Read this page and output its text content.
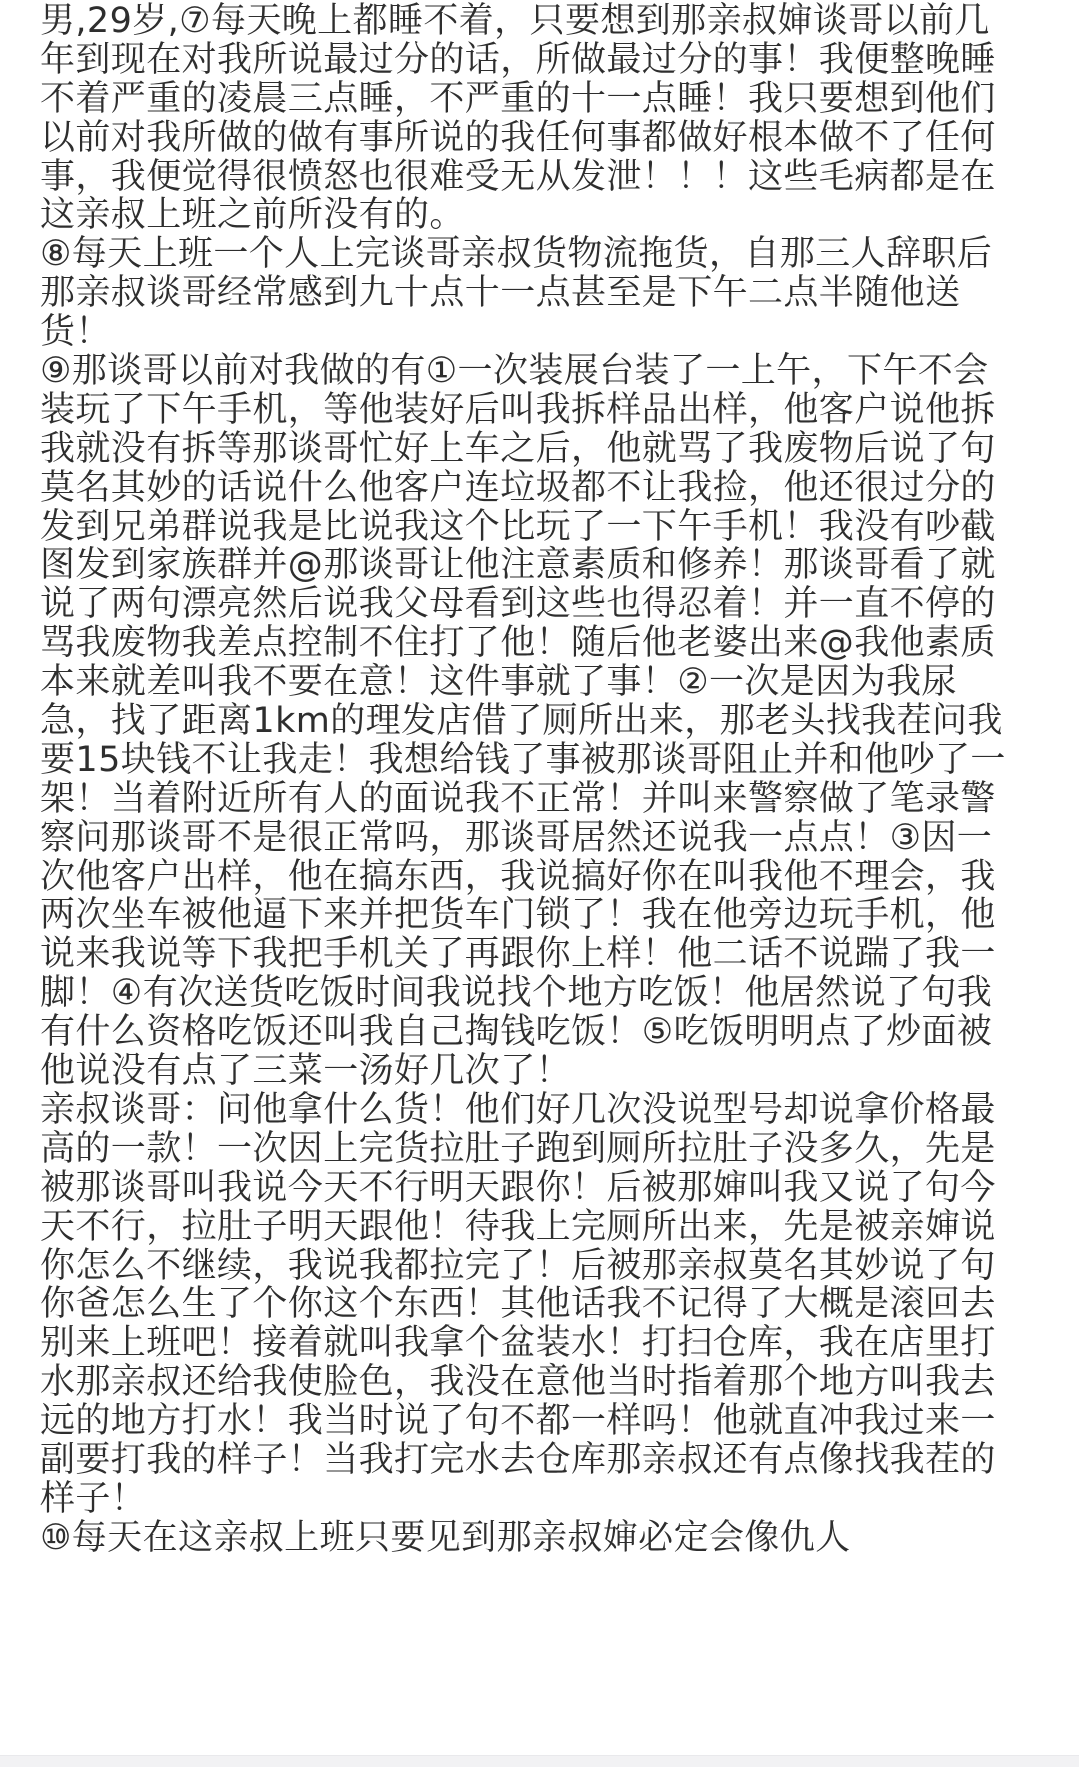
男,29岁,⑦每天晚上都睡不着，只要想到那亲叔婶谈哥以前几
年到现在对我所说最过分的话，所做最过分的事！我便整晚睡
不着严重的凌晨三点睡，不严重的十一点睡！我只要想到他们
以前对我所做的做有事所说的我任何事都做好根本做不了任何
事，我便觉得很愤怒也很难受无从发泄！！！这些毛病都是在
这亲叔上班之前所没有的。
⑧每天上班一个人上完谈哥亲叔货物流拖货，自那三人辞职后
那亲叔谈哥经常感到九十点十一点甚至是下午二点半随他送
货！
⑨那谈哥以前对我做的有①一次装展台装了一上午，下午不会
装玩了下午手机，等他装好后叫我拆样品出样，他客户说他拆
我就没有拆等那谈哥忙好上车之后，他就骂了我废物后说了句
莫名其妙的话说什么他客户连垃圾都不让我捡，他还很过分的
发到兄弟群说我是比说我这个比玩了一下午手机！我没有吵截
图发到家族群并@那谈哥让他注意素质和修养！那谈哥看了就
说了两句漂亮然后说我父母看到这些也得忍着！并一直不停的
骂我废物我差点控制不住打了他！随后他老婆出来@我他素质
本来就差叫我不要在意！这件事就了事！②一次是因为我尿
急，找了距离1km的理发店借了厕所出来，那老头找我茬问我
要15块钱不让我走！我想给钱了事被那谈哥阻止并和他吵了一
架！当着附近所有人的面说我不正常！并叫来警察做了笔录警
察问那谈哥不是很正常吗，那谈哥居然还说我一点点！③因一
次他客户出样，他在搞东西，我说搞好你在叫我他不理会，我
两次坐车被他逼下来并把货车门锁了！我在他旁边玩手机，他
说来我说等下我把手机关了再跟你上样！他二话不说踹了我一
脚！④有次送货吃饭时间我说找个地方吃饭！他居然说了句我
有什么资格吃饭还叫我自己掏钱吃饭！⑤吃饭明明点了炒面被
他说没有点了三菜一汤好几次了！
亲叔谈哥：问他拿什么货！他们好几次没说型号却说拿价格最
高的一款！一次因上完货拉肚子跑到厕所拉肚子没多久，先是
被那谈哥叫我说今天不行明天跟你！后被那婶叫我又说了句今
天不行，拉肚子明天跟他！待我上完厕所出来，先是被亲婶说
你怎么不继续，我说我都拉完了！后被那亲叔莫名其妙说了句
你爸怎么生了个你这个东西！其他话我不记得了大概是滚回去
别来上班吧！接着就叫我拿个盆装水！打扫仓库，我在店里打
水那亲叔还给我使脸色，我没在意他当时指着那个地方叫我去
远的地方打水！我当时说了句不都一样吗！他就直冲我过来一
副要打我的样子！当我打完水去仓库那亲叔还有点像找我茬的
样子！
⑩每天在这亲叔上班只要见到那亲叔婶必定会像仇人
